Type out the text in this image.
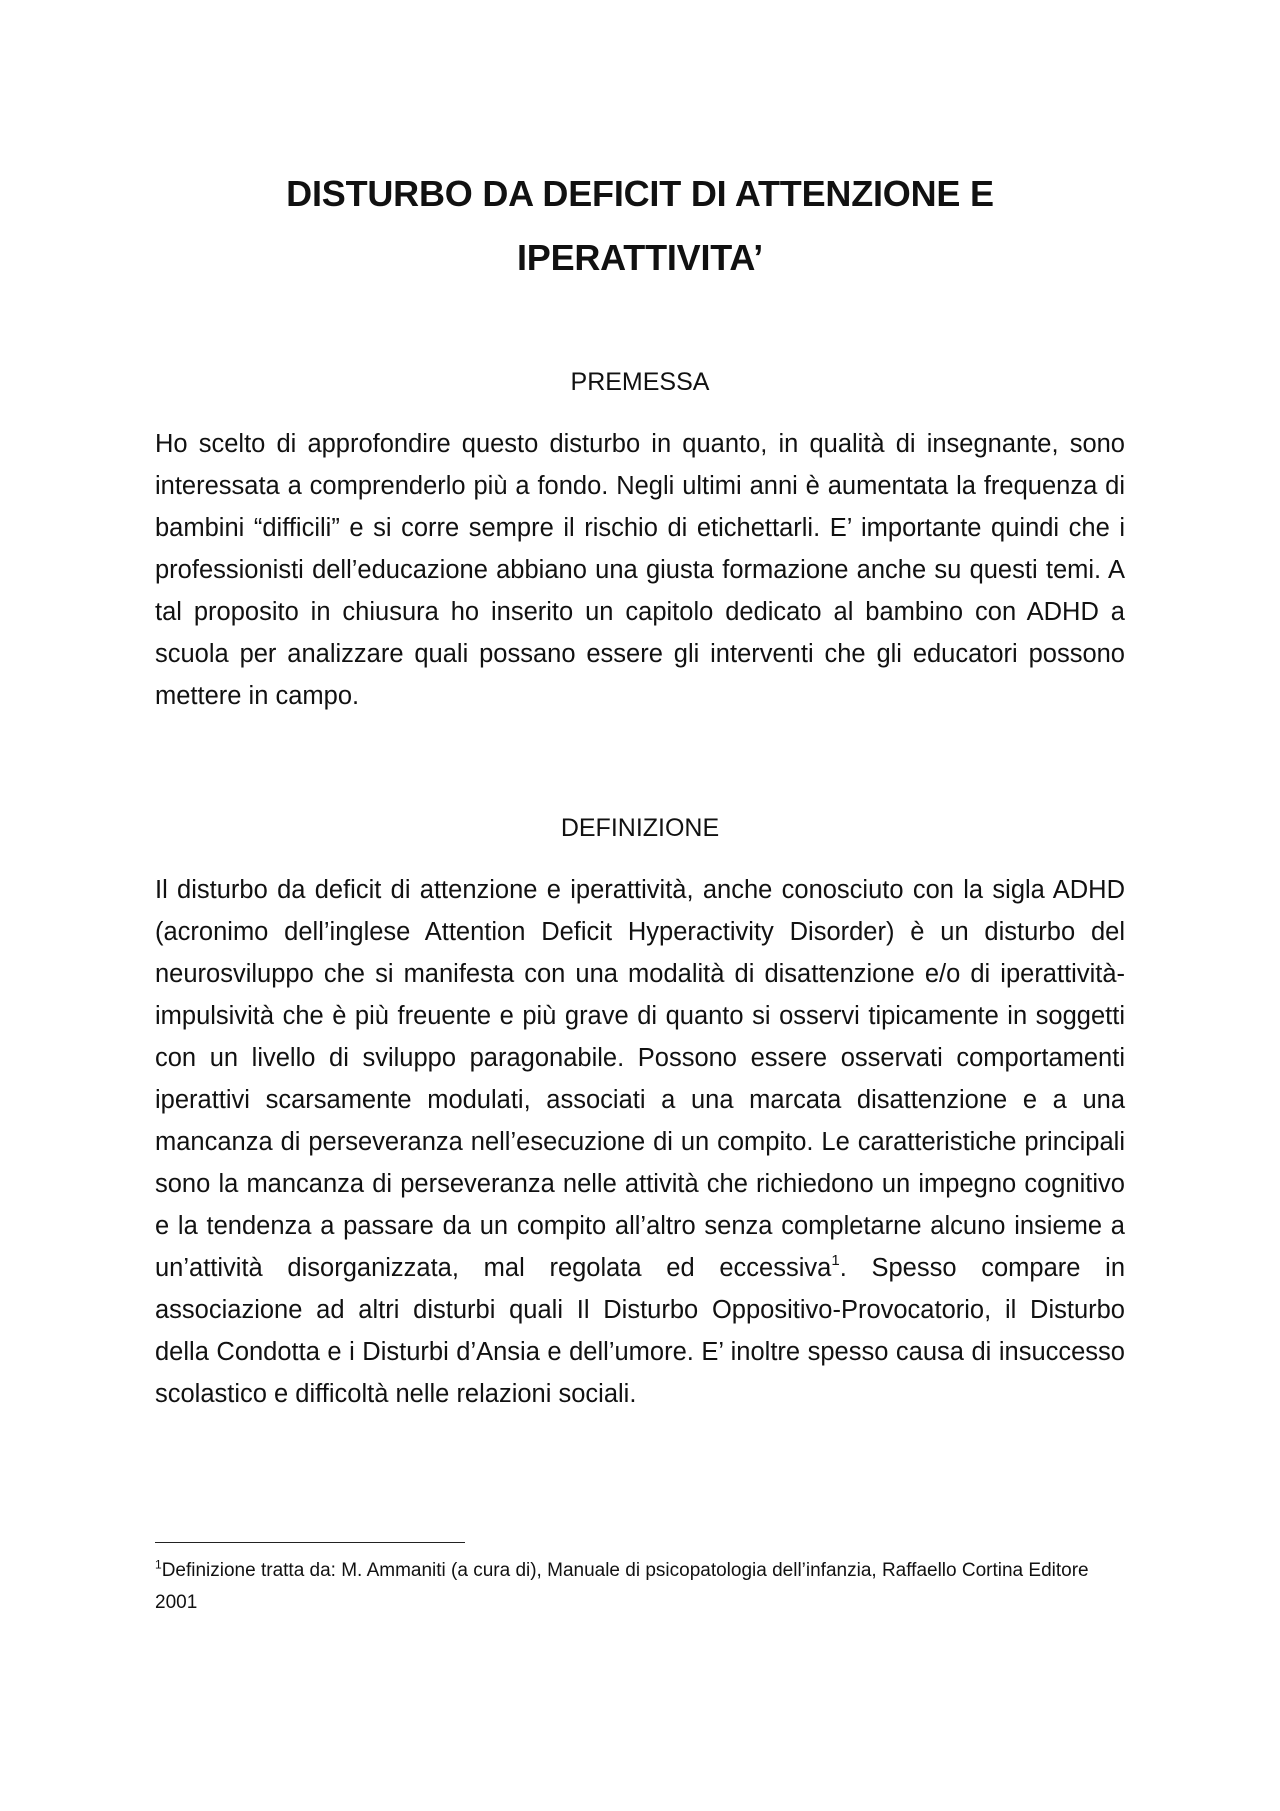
DISTURBO DA DEFICIT DI ATTENZIONE E
IPERATTIVITA’
PREMESSA

Ho scelto di approfondire questo disturbo in quanto, in qualità di insegnante, sono interessata a comprenderlo più a fondo. Negli ultimi anni è aumentata la frequenza di bambini “difficili” e si corre sempre il rischio di etichettarli. E’ importante quindi che i professionisti dell’educazione abbiano una giusta formazione anche su questi temi. A tal proposito in chiusura ho inserito un capitolo dedicato al bambino con ADHD a scuola per analizzare quali possano essere gli interventi che gli educatori possono mettere in campo.

DEFINIZIONE

Il disturbo da deficit di attenzione e iperattività, anche conosciuto con la sigla ADHD (acronimo dell’inglese Attention Deficit Hyperactivity Disorder) è un disturbo del neurosviluppo che si manifesta con una modalità di disattenzione e/o di iperattività-impulsività che è più freuente e più grave di quanto si osservi tipicamente in soggetti con un livello di sviluppo paragonabile. Possono essere osservati comportamenti iperattivi scarsamente modulati, associati a una marcata disattenzione e a una mancanza di perseveranza nell’esecuzione di un compito. Le caratteristiche principali sono la mancanza di perseveranza nelle attività che richiedono un impegno cognitivo e la tendenza a passare da un compito all’altro senza completarne alcuno insieme a un’attività disorganizzata, mal regolata ed eccessiva$^1$. Spesso compare in associazione ad altri disturbi quali Il Disturbo Oppositivo-Provocatorio, il Disturbo della Condotta e i Disturbi d’Ansia e dell’umore. E’ inoltre spesso causa di insuccesso scolastico e difficoltà nelle relazioni sociali.

$^1$Definizione tratta da: M. Ammaniti (a cura di), Manuale di psicopatologia dell’infanzia, Raffaello Cortina Editore 2001
